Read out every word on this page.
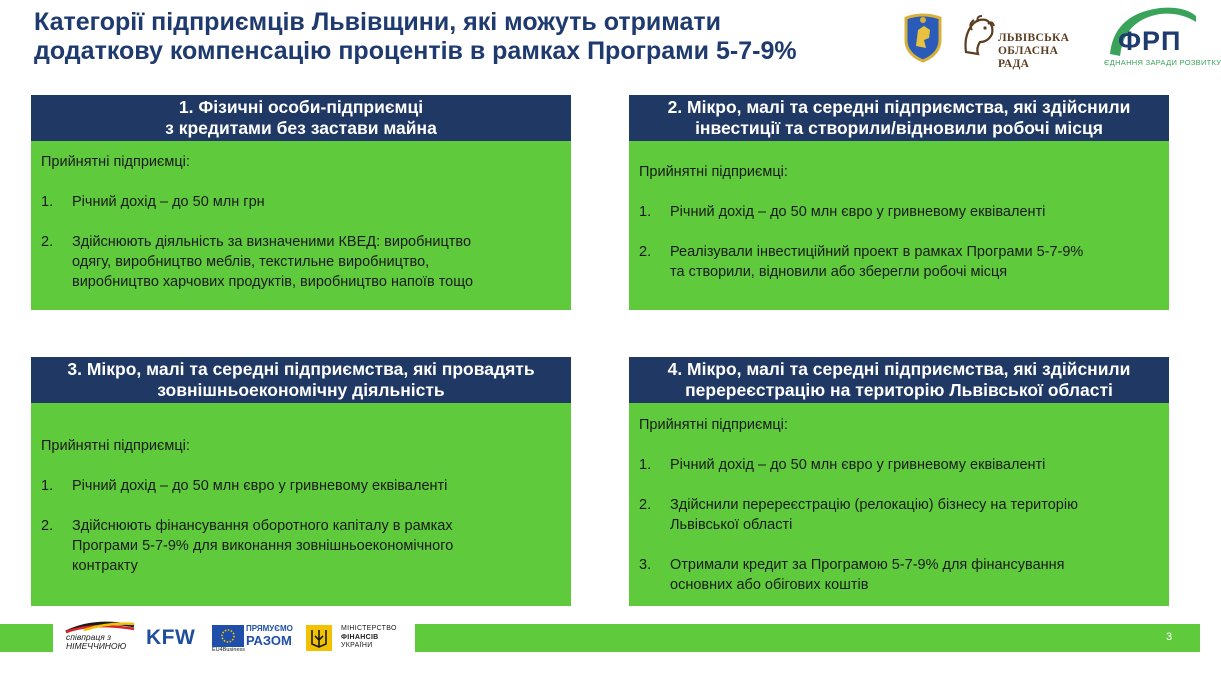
Категорії підприємців Львівщини, які можуть отримати
додаткову компенсацію процентів в рамках Програми 5-7-9%	ЛЬВІВСЬКА
ОБЛАСНА РАДА
ФРП
ЄДНАННЯ ЗАРАДИ РОЗВИТКУ
1. Фізичні особи-підприємці
з кредитами без застави майна

Прийнятні підприємці:

1.	Річний дохід – до 50 млн грн
2.	Здійснюють діяльність за визначеними КВЕД: виробництво
одягу, виробництво меблів, текстильне виробництво,
виробництво харчових продуктів, виробництво напоїв тощо
2. Мікро, малі та середні підприємства, які здійснили
інвестиції та створили/відновили робочі місця

Прийнятні підприємці:

1.	Річний дохід – до 50 млн євро у гривневому еквіваленті
2.	Реалізували інвестиційний проект в рамках Програми 5-7-9%
та створили, відновили або зберегли робочі місця
3. Мікро, малі та середні підприємства, які провадять
зовнішньоекономічну діяльність

Прийнятні підприємці:

1.	Річний дохід – до 50 млн євро у гривневому еквіваленті
2.	Здійснюють фінансування оборотного капіталу в рамках
Програми 5-7-9% для виконання зовнішньоекономічного
контракту
4. Мікро, малі та середні підприємства, які здійснили
перереєстрацію на територію Львівської області

Прийнятні підприємці:

1.	Річний дохід – до 50 млн євро у гривневому еквіваленті
2.	Здійснили перереєстрацію (релокацію) бізнесу на територію
Львівської області
3.	Отримали кредит за Програмою 5-7-9% для фінансування
основних або обігових коштів
співпраця з
НІМЕЧЧИНОЮ KFW	ПРЯМУЄМО
РАЗОМ
EU4Business
МІНІСТЕРСТВО
ФІНАНСІВ
УКРАЇНИ
3
